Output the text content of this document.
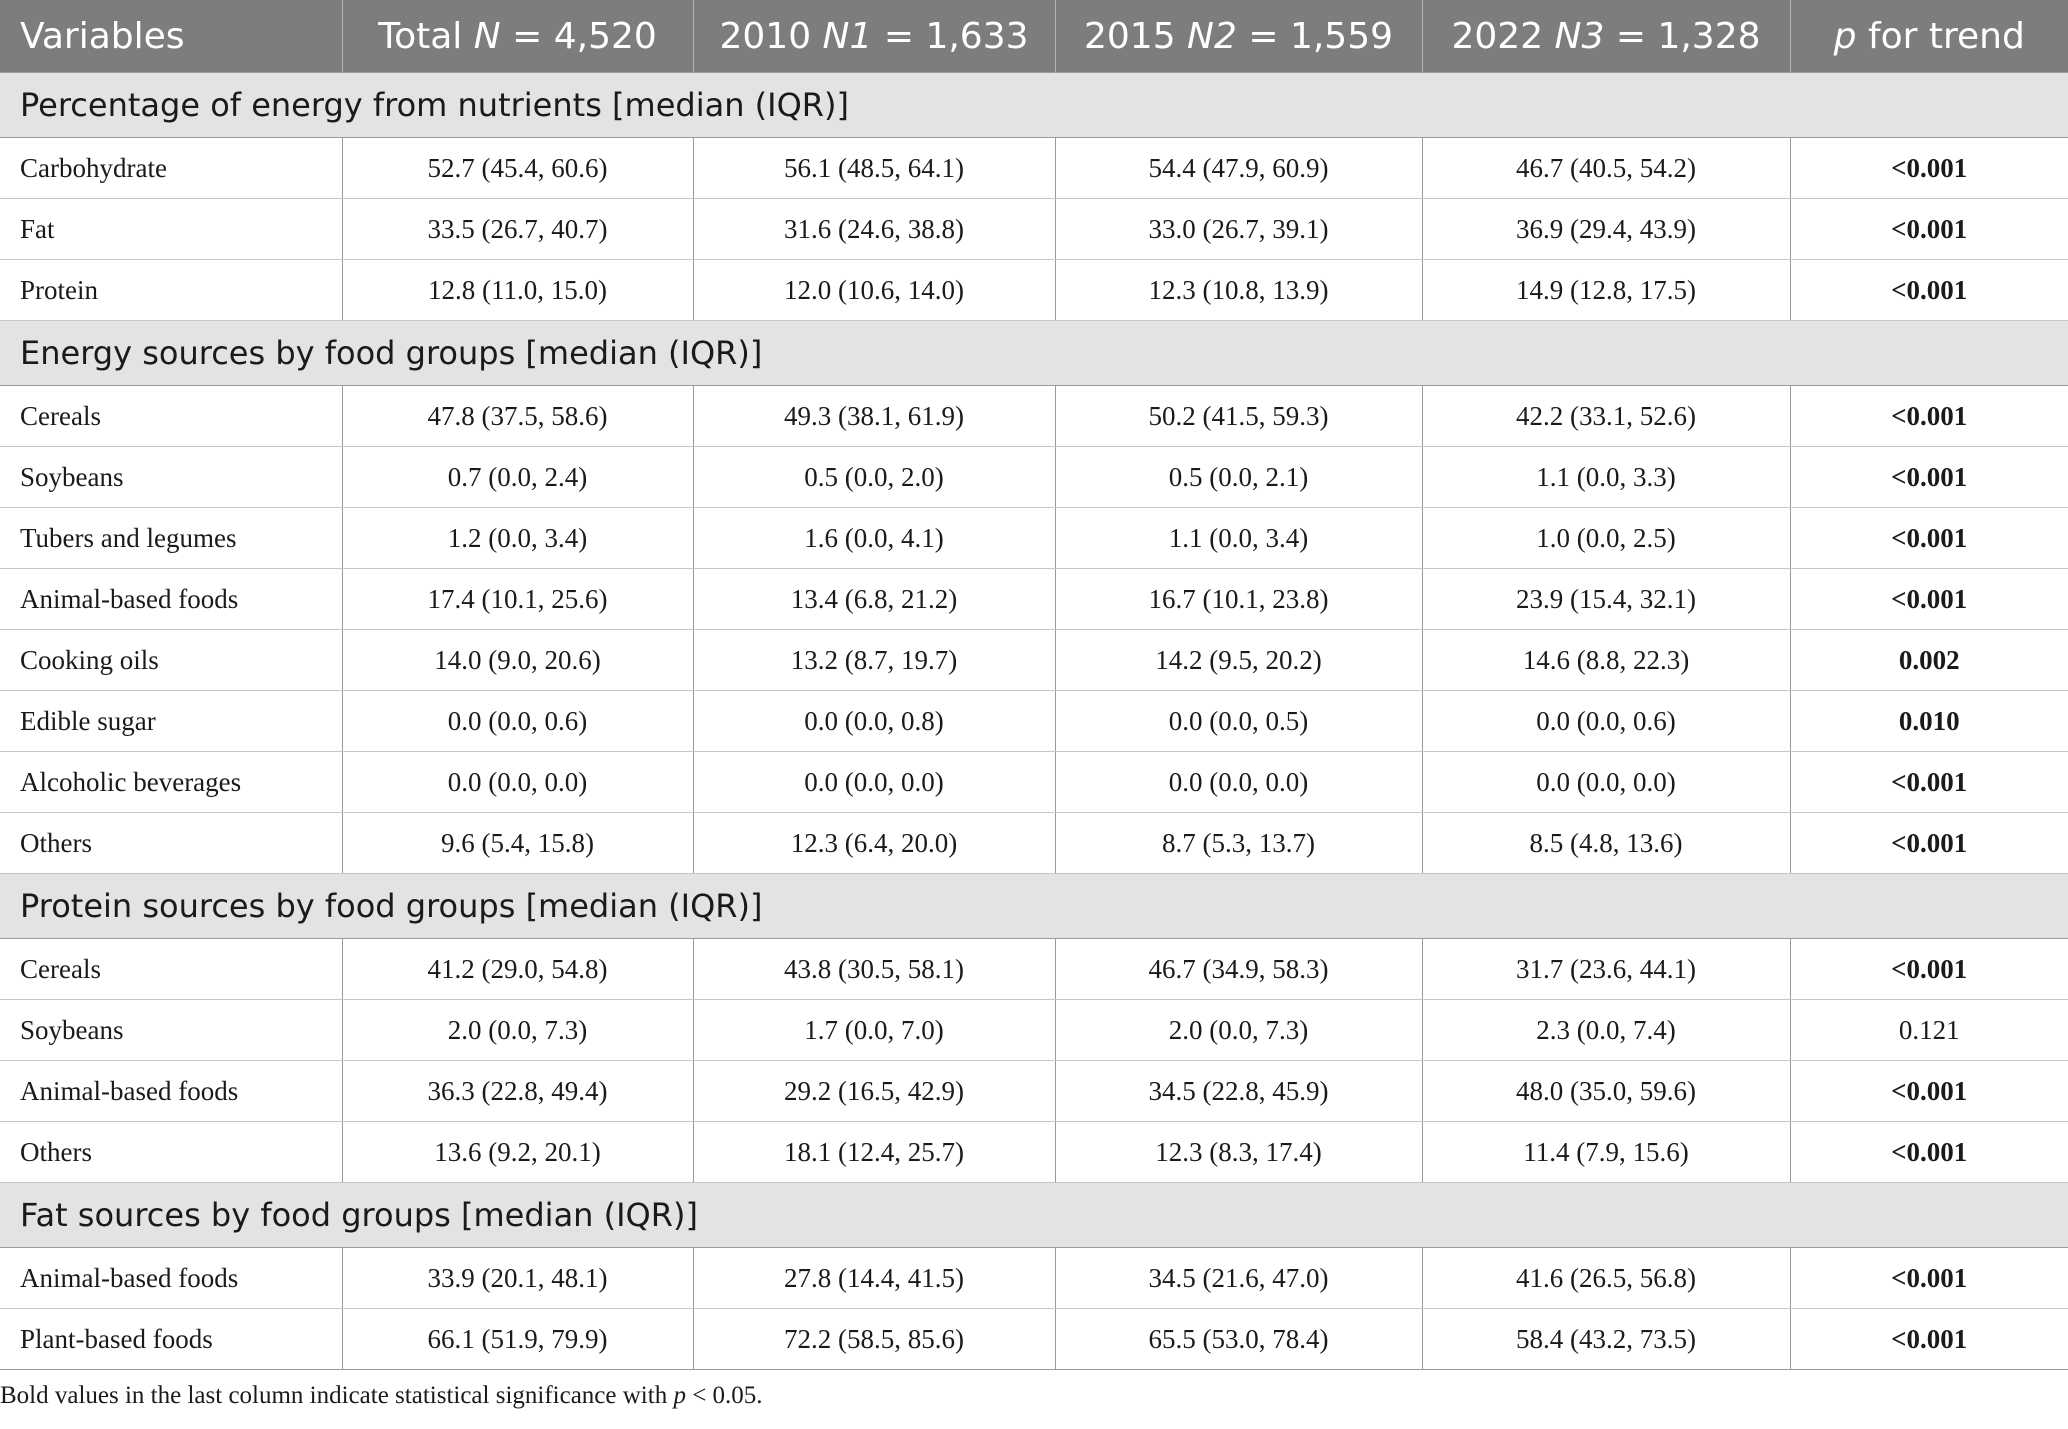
Variables	Total N = 4,520	2010 N1 = 1,633	2015 N2 = 1,559	2022 N3 = 1,328	p for trend
Percentage of energy from nutrients [median (IQR)]					
Carbohydrate	52.7 (45.4, 60.6)	56.1 (48.5, 64.1)	54.4 (47.9, 60.9)	46.7 (40.5, 54.2)	<0.001
Fat	33.5 (26.7, 40.7)	31.6 (24.6, 38.8)	33.0 (26.7, 39.1)	36.9 (29.4, 43.9)	<0.001
Protein	12.8 (11.0, 15.0)	12.0 (10.6, 14.0)	12.3 (10.8, 13.9)	14.9 (12.8, 17.5)	<0.001
Energy sources by food groups [median (IQR)]					
Cereals	47.8 (37.5, 58.6)	49.3 (38.1, 61.9)	50.2 (41.5, 59.3)	42.2 (33.1, 52.6)	<0.001
Soybeans	0.7 (0.0, 2.4)	0.5 (0.0, 2.0)	0.5 (0.0, 2.1)	1.1 (0.0, 3.3)	<0.001
Tubers and legumes	1.2 (0.0, 3.4)	1.6 (0.0, 4.1)	1.1 (0.0, 3.4)	1.0 (0.0, 2.5)	<0.001
Animal-based foods	17.4 (10.1, 25.6)	13.4 (6.8, 21.2)	16.7 (10.1, 23.8)	23.9 (15.4, 32.1)	<0.001
Cooking oils	14.0 (9.0, 20.6)	13.2 (8.7, 19.7)	14.2 (9.5, 20.2)	14.6 (8.8, 22.3)	0.002
Edible sugar	0.0 (0.0, 0.6)	0.0 (0.0, 0.8)	0.0 (0.0, 0.5)	0.0 (0.0, 0.6)	0.010
Alcoholic beverages	0.0 (0.0, 0.0)	0.0 (0.0, 0.0)	0.0 (0.0, 0.0)	0.0 (0.0, 0.0)	<0.001
Others	9.6 (5.4, 15.8)	12.3 (6.4, 20.0)	8.7 (5.3, 13.7)	8.5 (4.8, 13.6)	<0.001
Protein sources by food groups [median (IQR)]					
Cereals	41.2 (29.0, 54.8)	43.8 (30.5, 58.1)	46.7 (34.9, 58.3)	31.7 (23.6, 44.1)	<0.001
Soybeans	2.0 (0.0, 7.3)	1.7 (0.0, 7.0)	2.0 (0.0, 7.3)	2.3 (0.0, 7.4)	0.121
Animal-based foods	36.3 (22.8, 49.4)	29.2 (16.5, 42.9)	34.5 (22.8, 45.9)	48.0 (35.0, 59.6)	<0.001
Others	13.6 (9.2, 20.1)	18.1 (12.4, 25.7)	12.3 (8.3, 17.4)	11.4 (7.9, 15.6)	<0.001
Fat sources by food groups [median (IQR)]					
Animal-based foods	33.9 (20.1, 48.1)	27.8 (14.4, 41.5)	34.5 (21.6, 47.0)	41.6 (26.5, 56.8)	<0.001
Plant-based foods	66.1 (51.9, 79.9)	72.2 (58.5, 85.6)	65.5 (53.0, 78.4)	58.4 (43.2, 73.5)	<0.001

Bold values in the last column indicate statistical significance with p < 0.05.
